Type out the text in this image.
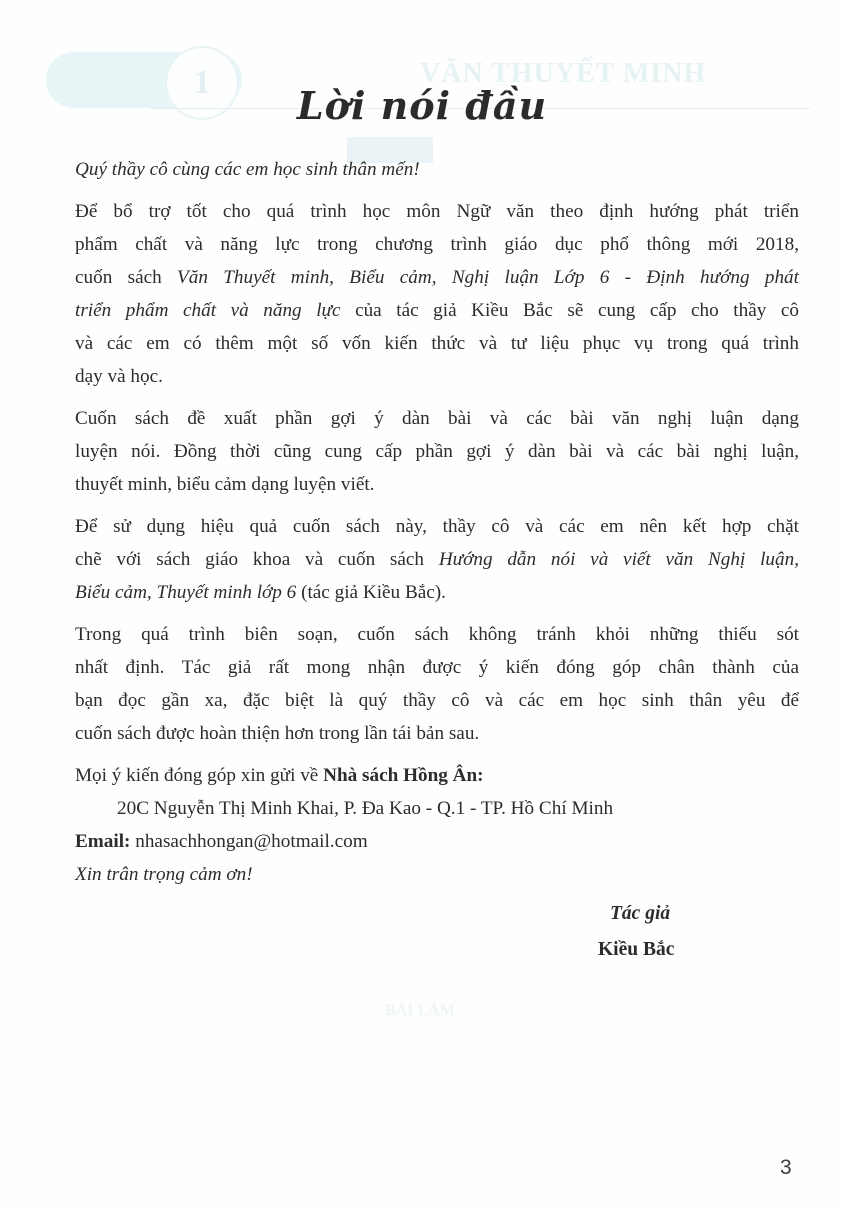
1	VĂN THUYẾT MINH
BÀI LÀM
Lời nói đầu

Quý thầy cô cùng các em học sinh thân mến!

Để bổ trợ tốt cho quá trình học môn Ngữ văn theo định hướng phát triển
phẩm chất và năng lực trong chương trình giáo dục phổ thông mới 2018,
cuốn sách Văn Thuyết minh, Biểu cảm, Nghị luận Lớp 6 - Định hướng phát
triển phẩm chất và năng lực của tác giả Kiều Bắc sẽ cung cấp cho thầy cô
và các em có thêm một số vốn kiến thức và tư liệu phục vụ trong quá trình
dạy và học.

Cuốn sách đề xuất phần gợi ý dàn bài và các bài văn nghị luận dạng
luyện nói. Đồng thời cũng cung cấp phần gợi ý dàn bài và các bài nghị luận,
thuyết minh, biểu cảm dạng luyện viết.

Để sử dụng hiệu quả cuốn sách này, thầy cô và các em nên kết hợp chặt
chẽ với sách giáo khoa và cuốn sách Hướng dẫn nói và viết văn Nghị luận,
Biểu cảm, Thuyết minh lớp 6 (tác giả Kiều Bắc).

Trong quá trình biên soạn, cuốn sách không tránh khỏi những thiếu sót
nhất định. Tác giả rất mong nhận được ý kiến đóng góp chân thành của
bạn đọc gần xa, đặc biệt là quý thầy cô và các em học sinh thân yêu để
cuốn sách được hoàn thiện hơn trong lần tái bản sau.

Mọi ý kiến đóng góp xin gửi về Nhà sách Hồng Ân:
20C Nguyễn Thị Minh Khai, P. Đa Kao - Q.1 - TP. Hồ Chí Minh
Email: nhasachhongan@hotmail.com
Xin trân trọng cảm ơn!

Tác giả
Kiều Bắc
3
